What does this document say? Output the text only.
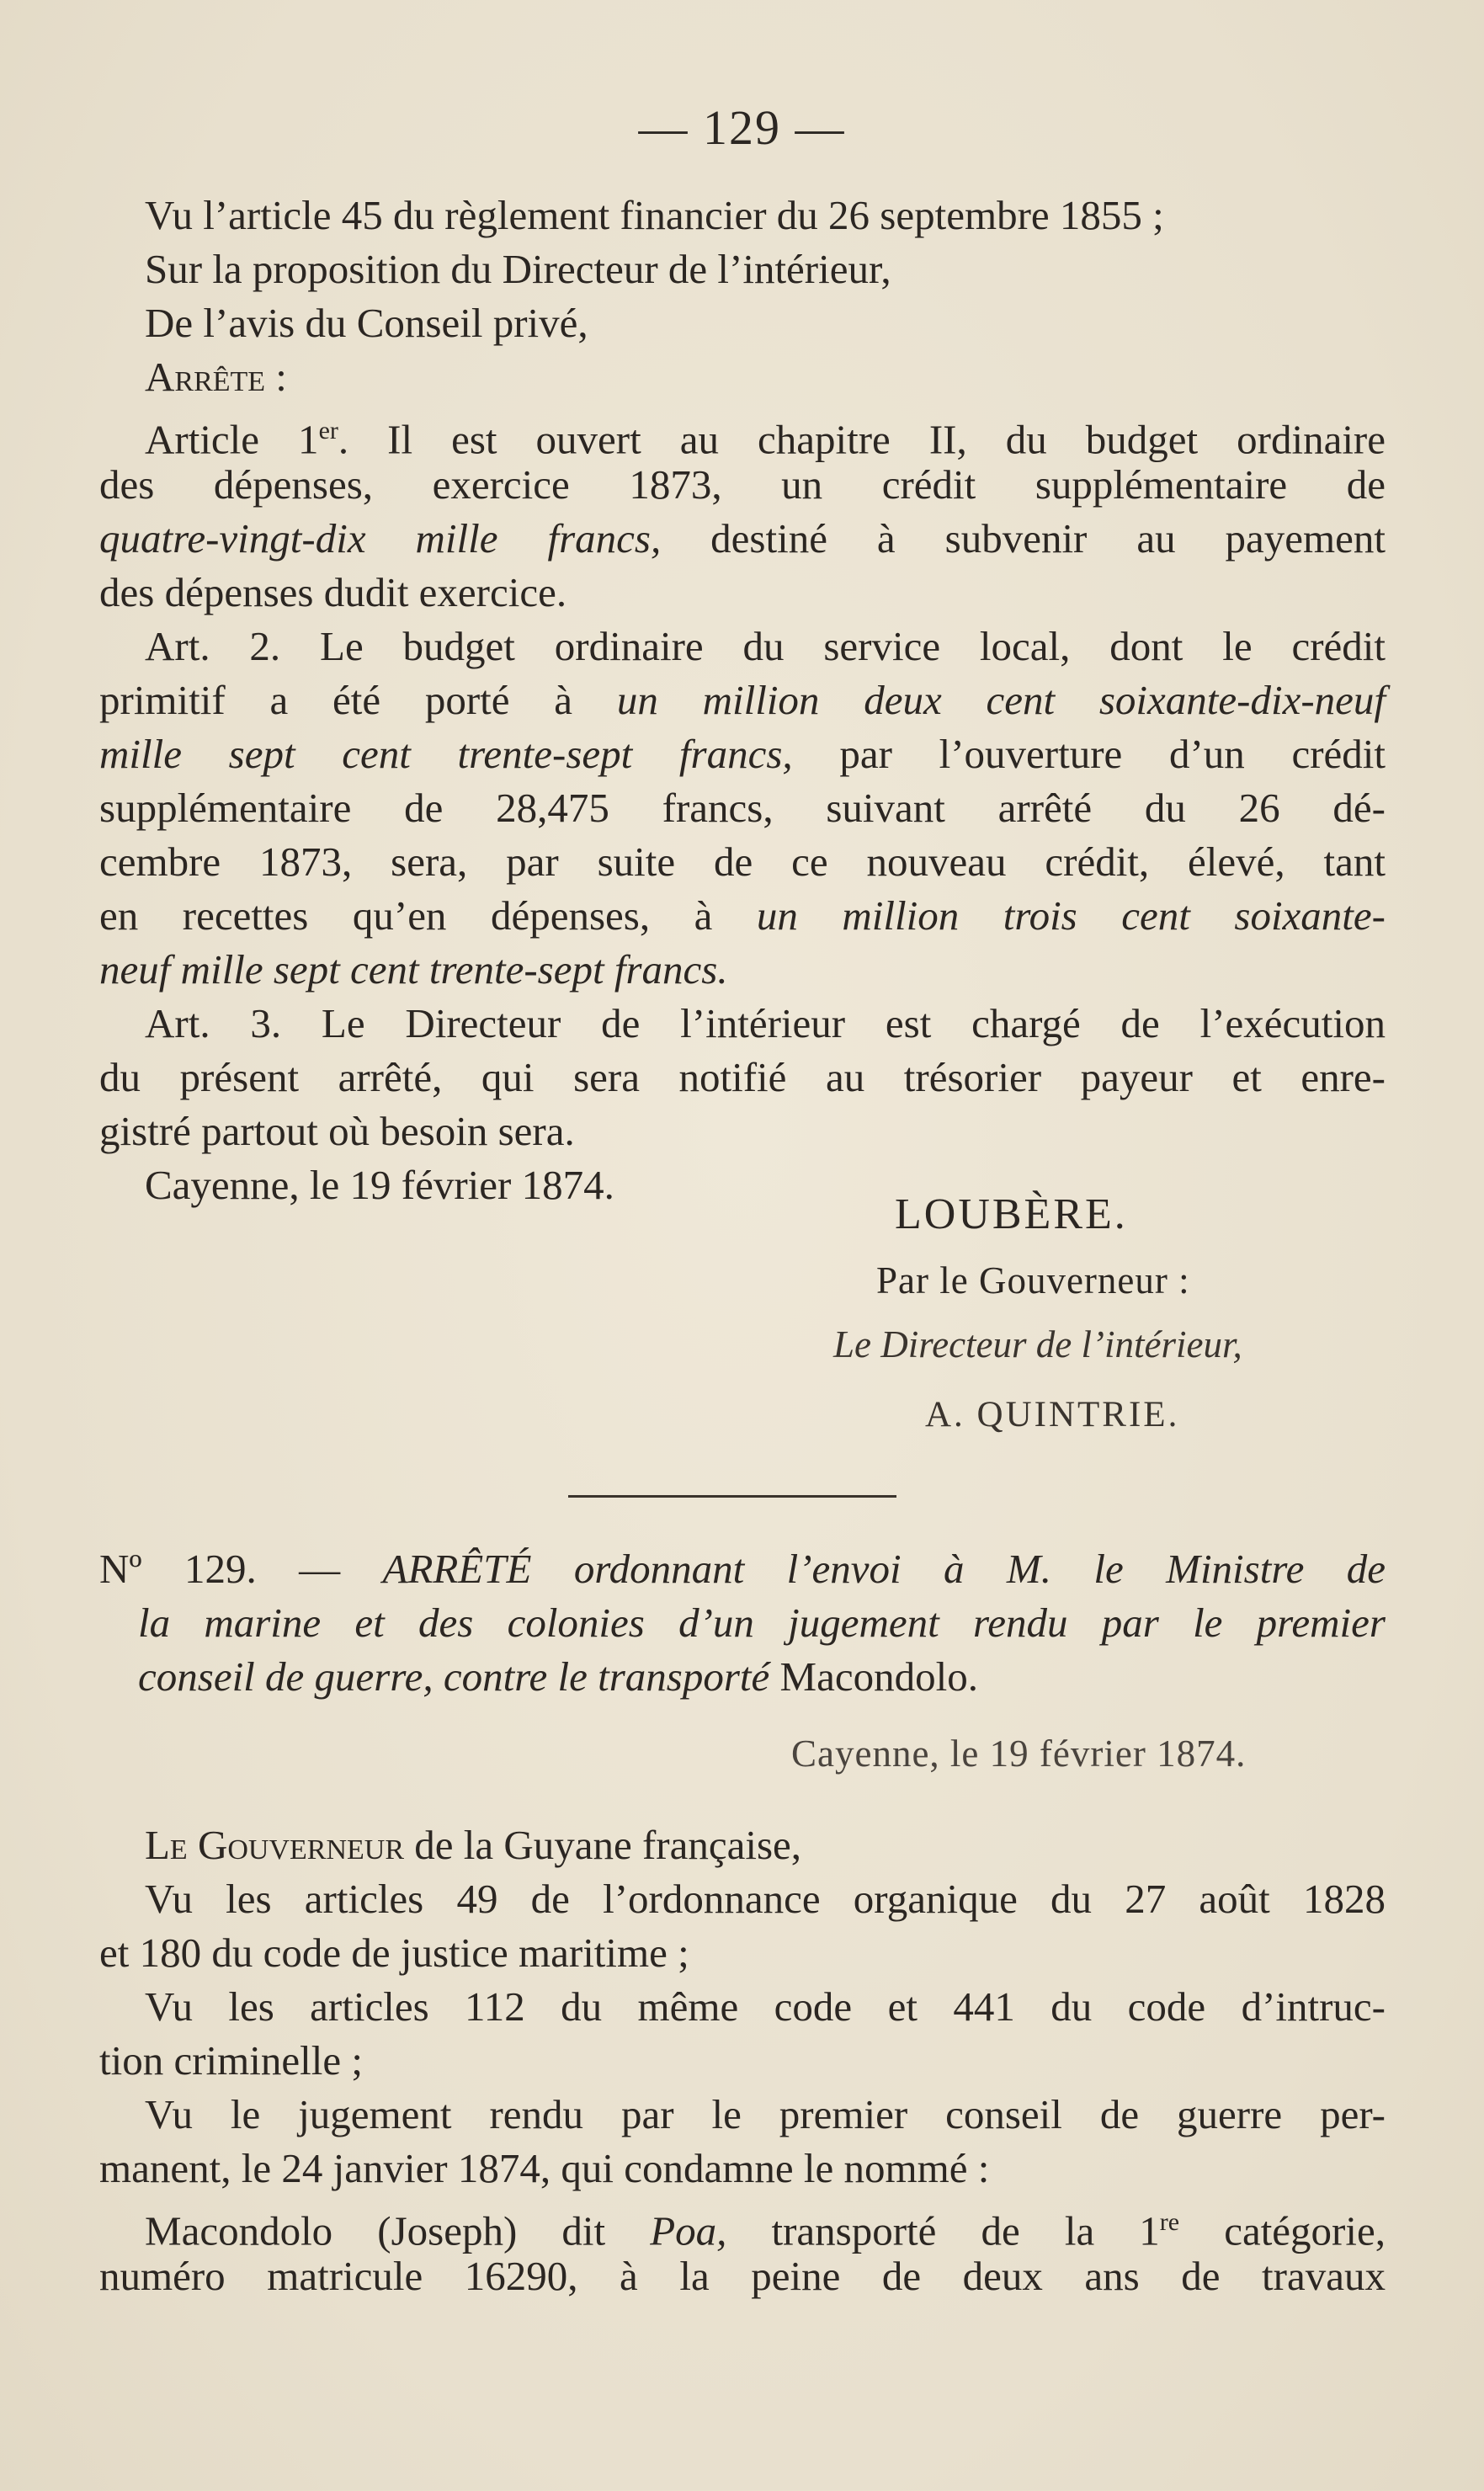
— 129 —
Vu l’article 45 du règlement financier du 26 septembre 1855 ;
Sur la proposition du Directeur de l’intérieur,
De l’avis du Conseil privé,
Arrête :
Article 1er. Il est ouvert au chapitre II, du budget ordinaire
des dépenses, exercice 1873, un crédit supplémentaire de
quatre-vingt-dix mille francs, destiné à subvenir au payement
des dépenses dudit exercice.
Art. 2. Le budget ordinaire du service local, dont le crédit
primitif a été porté à un million deux cent soixante-dix-neuf
mille sept cent trente-sept francs, par l’ouverture d’un crédit
supplémentaire de 28,475 francs, suivant arrêté du 26 dé-
cembre 1873, sera, par suite de ce nouveau crédit, élevé, tant
en recettes qu’en dépenses, à un million trois cent soixante-
neuf mille sept cent trente-sept francs.
Art. 3. Le Directeur de l’intérieur est chargé de l’exécution
du présent arrêté, qui sera notifié au trésorier payeur et enre-
gistré partout où besoin sera.
Cayenne, le 19 février 1874.
LOUBÈRE.
Par le Gouverneur :
Le Directeur de l’intérieur,
A. QUINTRIE.
Nº 129. — ARRÊTÉ ordonnant l’envoi à M. le Ministre de
la marine et des colonies d’un jugement rendu par le premier
conseil de guerre, contre le transporté Macondolo.
Cayenne, le 19 février 1874.
Le Gouverneur de la Guyane française,
Vu les articles 49 de l’ordonnance organique du 27 août 1828
et 180 du code de justice maritime ;
Vu les articles 112 du même code et 441 du code d’intruc-
tion criminelle ;
Vu le jugement rendu par le premier conseil de guerre per-
manent, le 24 janvier 1874, qui condamne le nommé :
Macondolo (Joseph) dit Poa, transporté de la 1re catégorie,
numéro matricule 16290, à la peine de deux ans de travaux
